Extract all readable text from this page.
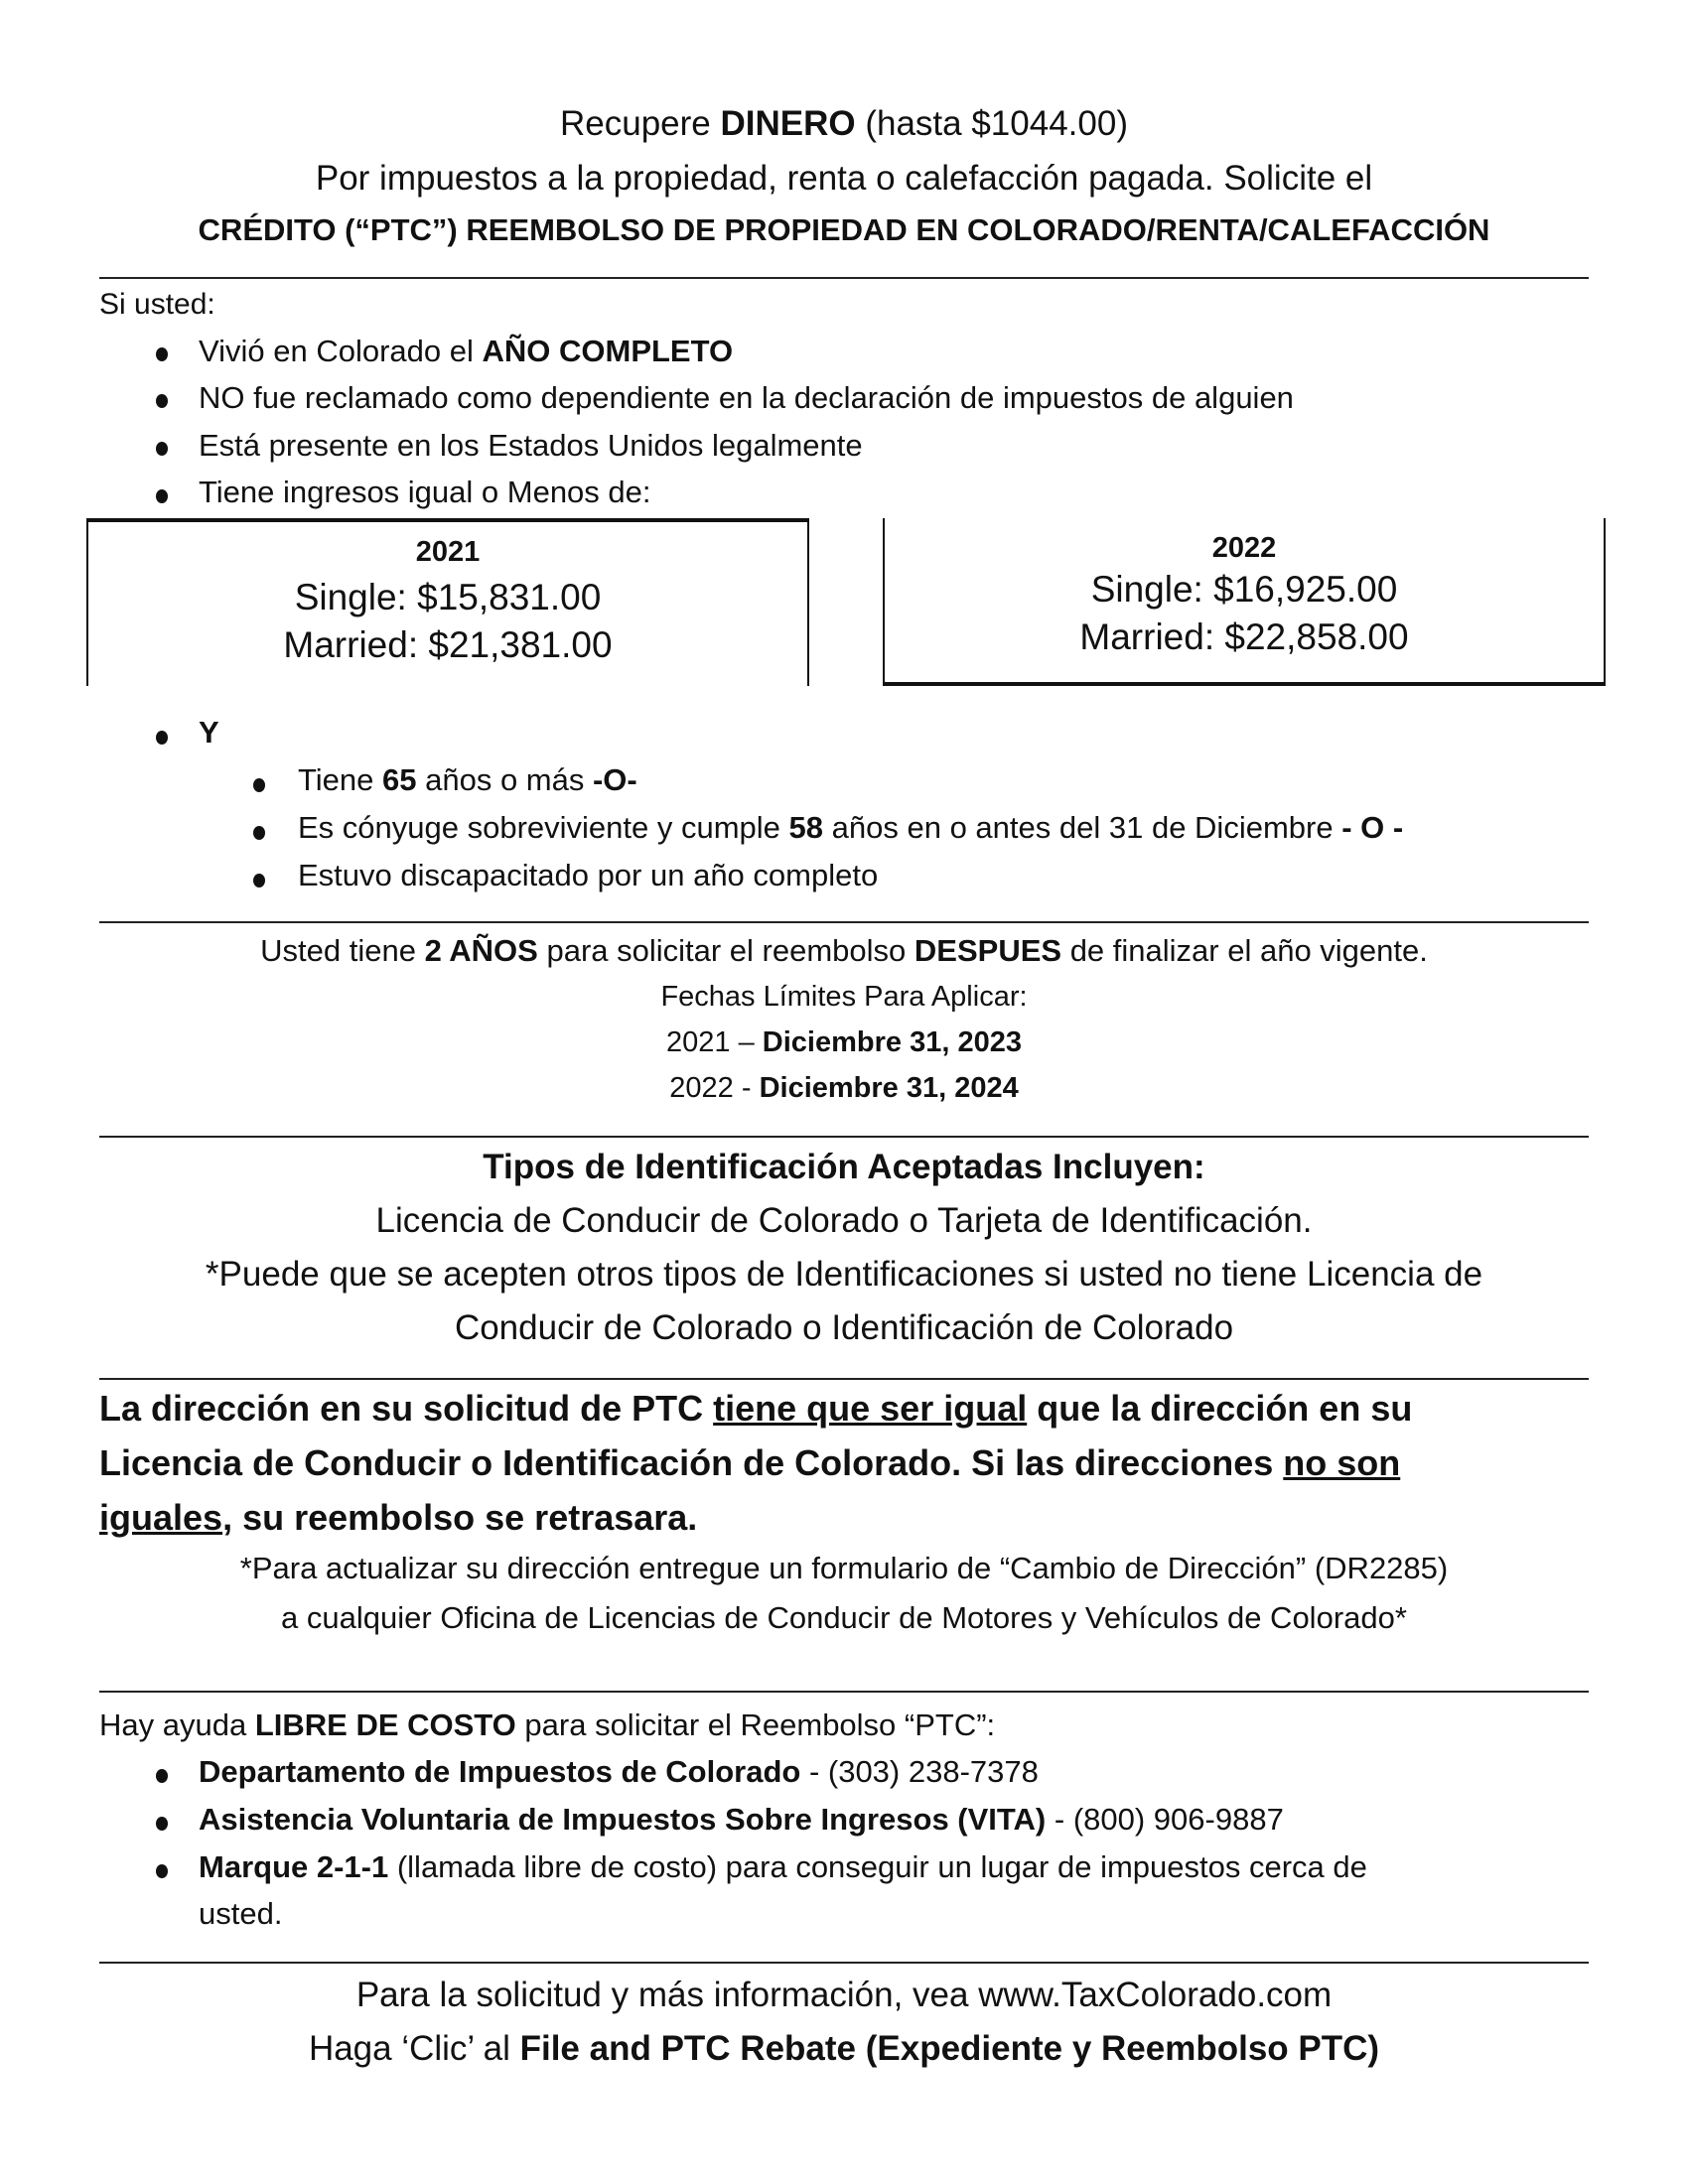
Recupere DINERO (hasta $1044.00)
Por impuestos a la propiedad, renta o calefacción pagada. Solicite el
CRÉDITO (“PTC”) REEMBOLSO DE PROPIEDAD EN COLORADO/RENTA/CALEFACCIÓN
Si usted:
Vivió en Colorado el AÑO COMPLETO
NO fue reclamado como dependiente en la declaración de impuestos de alguien
Está presente en los Estados Unidos legalmente
Tiene ingresos igual o Menos de:
2021
Single: $15,831.00
Married: $21,381.00
2022
Single: $16,925.00
Married: $22,858.00
Y
Tiene 65 años o más -O-
Es cónyuge sobreviviente y cumple 58 años en o antes del 31 de Diciembre - O -
Estuvo discapacitado por un año completo
Usted tiene 2 AÑOS para solicitar el reembolso DESPUES de finalizar el año vigente.
Fechas Límites Para Aplicar:
2021 – Diciembre 31, 2023
2022 - Diciembre 31, 2024
Tipos de Identificación Aceptadas Incluyen:
Licencia de Conducir de Colorado o Tarjeta de Identificación.
*Puede que se acepten otros tipos de Identificaciones si usted no tiene Licencia de
Conducir de Colorado o Identificación de Colorado
La dirección en su solicitud de PTC tiene que ser igual que la dirección en su
Licencia de Conducir o Identificación de Colorado. Si las direcciones no son
iguales, su reembolso se retrasara.
*Para actualizar su dirección entregue un formulario de “Cambio de Dirección” (DR2285)
a cualquier Oficina de Licencias de Conducir de Motores y Vehículos de Colorado*
Hay ayuda LIBRE DE COSTO para solicitar el Reembolso “PTC”:
Departamento de Impuestos de Colorado - (303) 238-7378
Asistencia Voluntaria de Impuestos Sobre Ingresos (VITA) - (800) 906-9887
Marque 2-1-1 (llamada libre de costo) para conseguir un lugar de impuestos cerca de
usted.
Para la solicitud y más información, vea www.TaxColorado.com
Haga ‘Clic’ al File and PTC Rebate (Expediente y Reembolso PTC)
